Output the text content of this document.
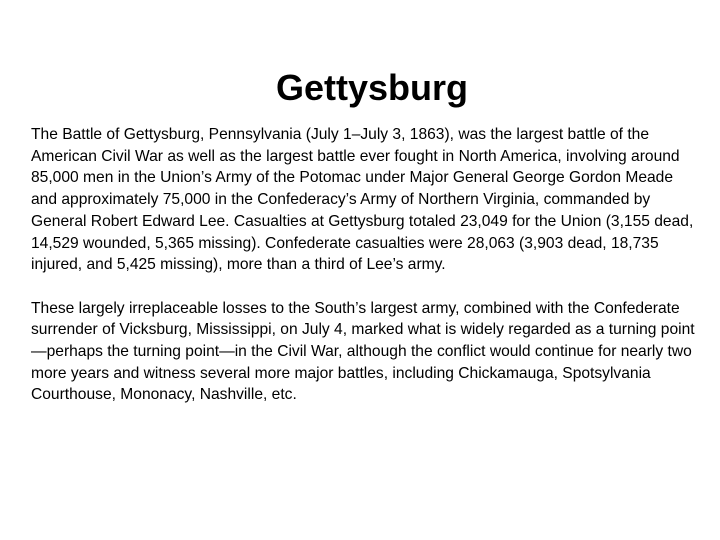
Gettysburg

The Battle of Gettysburg, Pennsylvania (July 1–July 3, 1863), was the largest battle of the American Civil War as well as the largest battle ever fought in North America, involving around 85,000 men in the Union’s Army of the Potomac under Major General George Gordon Meade and approximately 75,000 in the Confederacy’s Army of Northern Virginia, commanded by General Robert Edward Lee. Casualties at Gettysburg totaled 23,049 for the Union (3,155 dead, 14,529 wounded, 5,365 missing). Confederate casualties were 28,063 (3,903 dead, 18,735 injured, and 5,425 missing), more than a third of Lee’s army.

These largely irreplaceable losses to the South’s largest army, combined with the Confederate surrender of Vicksburg, Mississippi, on July 4, marked what is widely regarded as a turning point—perhaps the turning point—in the Civil War, although the conflict would continue for nearly two more years and witness several more major battles, including Chickamauga, Spotsylvania Courthouse, Mononacy, Nashville, etc.
